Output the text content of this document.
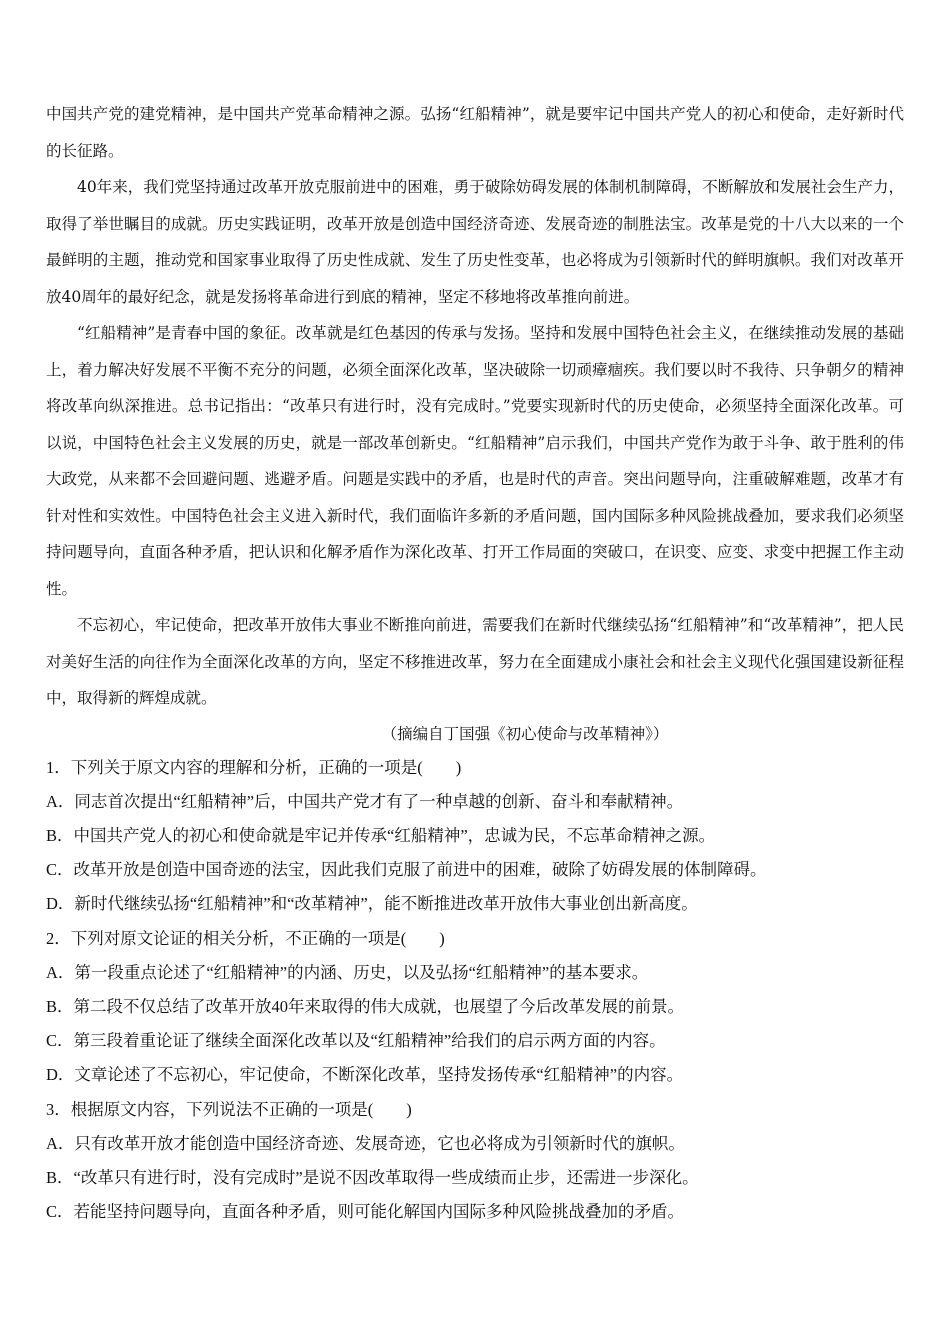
中国共产党的建党精神，是中国共产党革命精神之源。弘扬“红船精神”，就是要牢记中国共产党人的初心和使命，走好新时代的长征路。

40年来，我们党坚持通过改革开放克服前进中的困难，勇于破除妨碍发展的体制机制障碍，不断解放和发展社会生产力，取得了举世瞩目的成就。历史实践证明，改革开放是创造中国经济奇迹、发展奇迹的制胜法宝。改革是党的十八大以来的一个最鲜明的主题，推动党和国家事业取得了历史性成就、发生了历史性变革，也必将成为引领新时代的鲜明旗帜。我们对改革开放40周年的最好纪念，就是发扬将革命进行到底的精神，坚定不移地将改革推向前进。

“红船精神”是青春中国的象征。改革就是红色基因的传承与发扬。坚持和发展中国特色社会主义，在继续推动发展的基础上，着力解决好发展不平衡不充分的问题，必须全面深化改革，坚决破除一切顽瘴痼疾。我们要以时不我待、只争朝夕的精神将改革向纵深推进。总书记指出：“改革只有进行时，没有完成时。”党要实现新时代的历史使命，必须坚持全面深化改革。可以说，中国特色社会主义发展的历史，就是一部改革创新史。“红船精神”启示我们，中国共产党作为敢于斗争、敢于胜利的伟大政党，从来都不会回避问题、逃避矛盾。问题是实践中的矛盾，也是时代的声音。突出问题导向，注重破解难题，改革才有针对性和实效性。中国特色社会主义进入新时代，我们面临许多新的矛盾问题，国内国际多种风险挑战叠加，要求我们必须坚持问题导向，直面各种矛盾，把认识和化解矛盾作为深化改革、打开工作局面的突破口，在识变、应变、求变中把握工作主动性。

不忘初心，牢记使命，把改革开放伟大事业不断推向前进，需要我们在新时代继续弘扬“红船精神”和“改革精神”，把人民对美好生活的向往作为全面深化改革的方向，坚定不移推进改革，努力在全面建成小康社会和社会主义现代化强国建设新征程中，取得新的辉煌成就。

（摘编自丁国强《初心使命与改革精神》）

1．下列关于原文内容的理解和分析，正确的一项是(　　)

A．同志首次提出“红船精神”后，中国共产党才有了一种卓越的创新、奋斗和奉献精神。

B．中国共产党人的初心和使命就是牢记并传承“红船精神”，忠诚为民，不忘革命精神之源。

C．改革开放是创造中国奇迹的法宝，因此我们克服了前进中的困难，破除了妨碍发展的体制障碍。

D．新时代继续弘扬“红船精神”和“改革精神”，能不断推进改革开放伟大事业创出新高度。

2．下列对原文论证的相关分析，不正确的一项是(　　)

A．第一段重点论述了“红船精神”的内涵、历史，以及弘扬“红船精神”的基本要求。

B．第二段不仅总结了改革开放40年来取得的伟大成就，也展望了今后改革发展的前景。

C．第三段着重论证了继续全面深化改革以及“红船精神”给我们的启示两方面的内容。

D．文章论述了不忘初心，牢记使命，不断深化改革，坚持发扬传承“红船精神”的内容。

3．根据原文内容，下列说法不正确的一项是(　　)

A．只有改革开放才能创造中国经济奇迹、发展奇迹，它也必将成为引领新时代的旗帜。

B．“改革只有进行时，没有完成时”是说不因改革取得一些成绩而止步，还需进一步深化。

C．若能坚持问题导向，直面各种矛盾，则可能化解国内国际多种风险挑战叠加的矛盾。
